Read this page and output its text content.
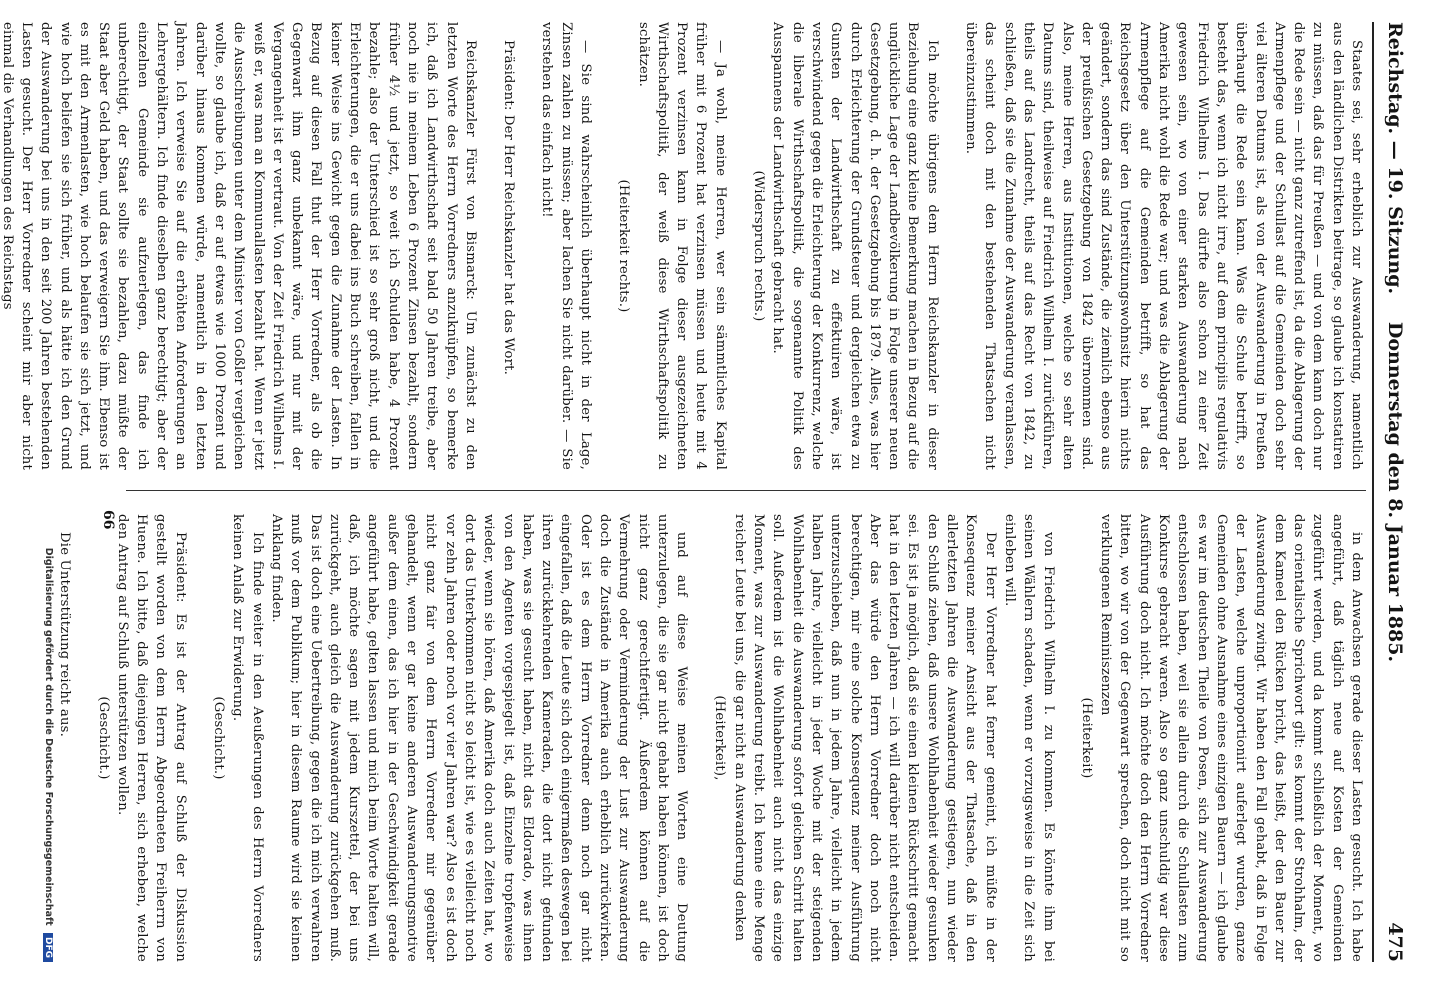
Reichstag. — 19. Sitzung.
Donnerstag den 8. Januar 1885.
475

Staates sei, sehr erheblich zur Auswanderung, namentlich aus den ländlichen Distrikten beitrage, so glaube ich konstatiren zu müssen, daß das für Preußen — und von dem kann doch nur die Rede sein — nicht ganz zutreffend ist, da die Ablagerung der Armenpflege und der Schullast auf die Gemeinden doch sehr viel älteren Datums ist, als von der Auswanderung in Preußen überhaupt die Rede sein kann. Was die Schule betrifft, so besteht das, wenn ich nicht irre, auf dem principiis regulativis Friedrich Wilhelms I. Das dürfte also schon zu einer Zeit gewesen sein, wo von einer starken Auswanderung nach Amerika nicht wohl die Rede war; und was die Ablagerung der Armenpflege auf die Gemeinden betrifft, so hat das Reichsgesetz über den Unterstützungswohnsitz hierin nichts geändert, sondern das sind Zustände, die ziemlich ebenso aus der preußischen Gesetzgebung von 1842 übernommen sind. Also, meine Herren, aus Institutionen, welche so sehr alten Datums sind, theilweise auf Friedrich Wilhelm I. zurückführen, theils auf das Landrecht, theils auf das Recht von 1842, zu schließen, daß sie die Zunahme der Auswanderung veranlassen, das scheint doch mit den bestehenden Thatsachen nicht übereinzustimmen.

Ich möchte übrigens dem Herrn Reichskanzler in dieser Beziehung eine ganz kleine Bemerkung machen in Bezug auf die unglückliche Lage der Landbevölkerung in Folge unserer neuen Gesetzgebung, d. h. der Gesetzgebung bis 1879. Alles, was hier durch Erleichterung der Grundsteuer und dergleichen etwa zu Gunsten der Landwirthschaft zu effektuiren wäre, ist verschwindend gegen die Erleichterung der Konkurrenz, welche die liberale Wirthschaftspolitik, die sogenannte Politik des Ausspannens der Landwirthschaft gebracht hat.

(Widerspruch rechts.)

— Ja wohl, meine Herren, wer sein sämmtliches Kapital früher mit 6 Prozent hat verzinsen müssen und heute mit 4 Prozent verzinsen kann in Folge dieser ausgezeichneten Wirthschaftspolitik, der weiß diese Wirthschaftspolitik zu schätzen.

(Heiterkeit rechts.)

— Sie sind wahrscheinlich überhaupt nicht in der Lage, Zinsen zahlen zu müssen; aber lachen Sie nicht darüber. — Sie verstehen das einfach nicht!

Präsident: Der Herr Reichskanzler hat das Wort.

Reichskanzler Fürst von Bismarck: Um zunächst zu den letzten Worte des Herrn Vorredners anzuknüpfen, so bemerke ich, daß ich Landwirthschaft seit bald 50 Jahren treibe, aber noch nie in meinem Leben 6 Prozent Zinsen bezahlt, sondern früher 4½ und jetzt, so weit ich Schulden habe, 4 Prozent bezahle; also der Unterschied ist so sehr groß nicht, und die Erleichterungen, die er uns dabei ins Buch schreiben, fallen in keiner Weise ins Gewicht gegen die Zunahme der Lasten. In Bezug auf diesen Fall thut der Herr Vorredner, als ob die Gegenwart ihm ganz unbekannt wäre, und nur mit der Vergangenheit ist er vertraut. Von der Zeit Friedrich Wilhelms I. weiß er, was man an Kommunallasten bezahlt hat. Wenn er jetzt die Ausschreibungen unter dem Minister von Goßler vergleichen wollte, so glaube ich, daß er auf etwas wie 1000 Prozent und darüber hinaus kommen würde, namentlich in den letzten Jahren. Ich verweise Sie auf die erhöhten Anforderungen an Lehrergehältern. Ich finde dieselben ganz berechtigt; aber der einzelnen Gemeinde sie aufzuerlegen, das finde ich unberechtigt, der Staat sollte sie bezahlen, dazu müßte der Staat aber Geld haben, und das verweigern Sie ihm. Ebenso ist es mit den Armenlasten, wie hoch belaufen sie sich jetzt, und wie hoch beliefen sie sich früher, und als hätte ich den Grund der Auswanderung bei uns in den seit 200 Jahren bestehenden Lasten gesucht. Der Herr Vorredner scheint mir aber nicht einmal die Verhandlungen des Reichstags

in dem Anwachsen gerade dieser Lasten gesucht. Ich habe angeführt, daß täglich neue auf Kosten der Gemeinden zugeführt werden, und da kommt schließlich der Moment, wo das orientalische Sprichwort gilt: es kommt der Strohhalm, der dem Kameel den Rücken bricht, das heißt, der den Bauer zur Auswanderung zwingt. Wir haben den Fall gehabt, daß in Folge der Lasten, welche unproportionirt auferlegt wurden, ganze Gemeinden ohne Ausnahme eines einzigen Bauern — ich glaube es war im deutschen Theile von Posen, sich zur Auswanderung entschlossen haben, weil sie allein durch die Schullasten zum Konkurse gebracht waren. Also so ganz unschuldig war diese Ausführung doch nicht. Ich möchte doch den Herrn Vorredner bitten, wo wir von der Gegenwart sprechen, doch nicht mit so verklungenen Reminiszenzen

(Heiterkeit)

von Friedrich Wilhelm I. zu kommen. Es könnte ihm bei seinen Wählern schaden, wenn er vorzugsweise in die Zeit sich einleben will.

Der Herr Vorredner hat ferner gemeint, ich müßte in der Konsequenz meiner Ansicht aus der Thatsache, daß in den allerletzten Jahren die Auswanderung gestiegen, nun wieder den Schluß ziehen, daß unsere Wohlhabenheit wieder gesunken sei. Es ist ja möglich, daß sie einen kleinen Rückschritt gemacht hat in den letzten Jahren — ich will darüber nicht entscheiden. Aber das würde den Herrn Vorredner doch noch nicht berechtigen, mir eine solche Konsequenz meiner Ausführung unterzuschieben, daß nun in jedem Jahre, vielleicht in jedem halben Jahre, vielleicht in jeder Woche mit der steigenden Wohlhabenheit die Auswanderung sofort gleichen Schritt halten soll. Außerdem ist die Wohlhabenheit auch nicht das einzige Moment, was zur Auswanderung treibt. Ich kenne eine Menge reicher Leute bei uns, die gar nicht an Auswanderung denken

(Heiterkeit),

und auf diese Weise meinen Worten eine Deutung unterzulegen, die sie gar nicht gehabt haben können, ist doch nicht ganz gerechtfertigt. Äußerdem können auf die Vermehrung oder Verminderung der Lust zur Auswanderung doch die Zustände in Amerika auch erheblich zurückwirken. Oder ist es dem Herrn Vorredner denn noch gar nicht eingefallen, daß die Leute sich doch einigermaßen deswegen bei ihren zurückkehrenden Kameraden, die dort nicht gefunden haben, was sie gesucht haben, nicht das Eldorado, was ihnen von den Agenten vorgespiegelt ist, daß Einzelne tropfenweise wieder, wenn sie hören, daß Amerika doch auch Zeiten hat, wo dort das Unterkommen nicht so leicht ist, wie es vielleicht noch vor zehn Jahren oder noch vor vier Jahren war? Also es ist doch nicht ganz fair von dem Herrn Vorredner mir gegenüber gehandelt, wenn er gar keine anderen Auswanderungsmotive außer dem einen, das ich hier in der Geschwindigkeit gerade angeführt habe, gelten lassen und mich beim Worte halten will, daß, ich möchte sagen mit jedem Kurszettel, der bei uns zurückgeht, auch gleich die Auswanderung zurückgehen muß. Das ist doch eine Uebertreibung, gegen die ich mich verwahren muß vor dem Publikum; hier in diesem Raume wird sie keinen Anklang finden.

Ich finde weiter in den Aeußerungen des Herrn Vorredners keinen Anlaß zur Erwiderung.

(Geschicht.)

Präsident: Es ist der Antrag auf Schluß der Diskussion gestellt worden von dem Herrn Abgeordneten Freiherrn von Huene. Ich bitte, daß diejenigen Herren, sich erheben, welche den Antrag auf Schluß unterstützen wollen.

(Geschicht.)

Die Unterstützung reicht aus.

66
Digitalisierung gefördert durch die Deutsche Forschungsgemeinschaft DFG
